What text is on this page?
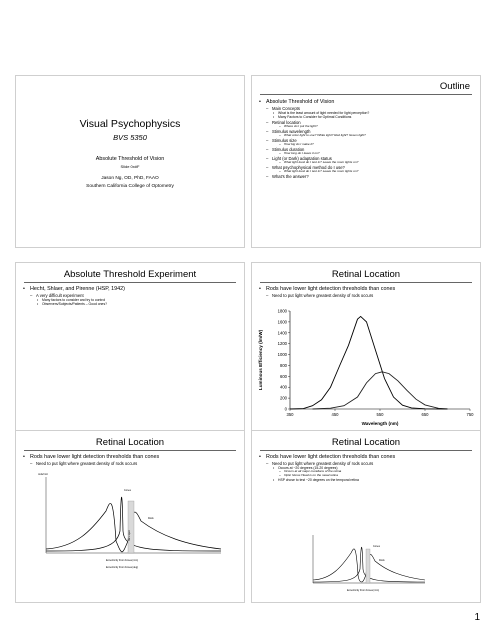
Visual Psychophysics
BVS 5350
Absolute Threshold of Vision
Slide 0x#F
Jason Ng, OD, PhD, FAAO
Southern California College of Optometry
Outline
• Absolute Threshold of Vision
– Main Concepts
• What is the least amount of light needed for light perception?
• Many Factors to Consider for Optimal Conditions
– Retinal location
» Where do I put the light?
– Stimulus wavelength
» What color light to use? White light? Red light? Green light?
– Stimulus size
» How big do I make it?
– Stimulus duration
» How long do I leave it on?
– Light (or Dark) adaptation status
» What light level do I test in? Leave the room lights on?
– What psychophysical method do I use?
» What light level do I test in? Leave the room lights on?
– What's the answer?
Absolute Threshold Experiment
• Hecht, Shlaer, and Pirenne (HSP, 1942)
– A very difficult experiment
• Many factors to consider and try to control
• Observers/Subjects/Patients – Good ones?
Retinal Location
• Rods have lower light detection thresholds than cones
– Need to put light where greatest density of rods occurs
0
200
400
600
800
1000
1200
1400
1600
1800
350	450	550	650	750
Wavelength (nm)
Luminous Efficiency (lm/W)
Retinal Location
• Rods have lower light detection thresholds than cones
– Need to put light where greatest density of rods occurs
rods/mm²
Rods
Cones
Blind spot
Eccentricity From Fovea (mm)
Eccentricity From Fovea (deg)
Retinal Location
• Rods have lower light detection thresholds than cones
– Need to put light where greatest density of rods occurs
• Occurs at ~20 degrees (15-20 degrees)
» Occurs at all major meridians of the retina
» Optic Nerve Head is on the nasal retina
• HSP chose to test ~20 degrees on the temporal retina
Cones
Rods
Eccentricity From Fovea (mm)
1
